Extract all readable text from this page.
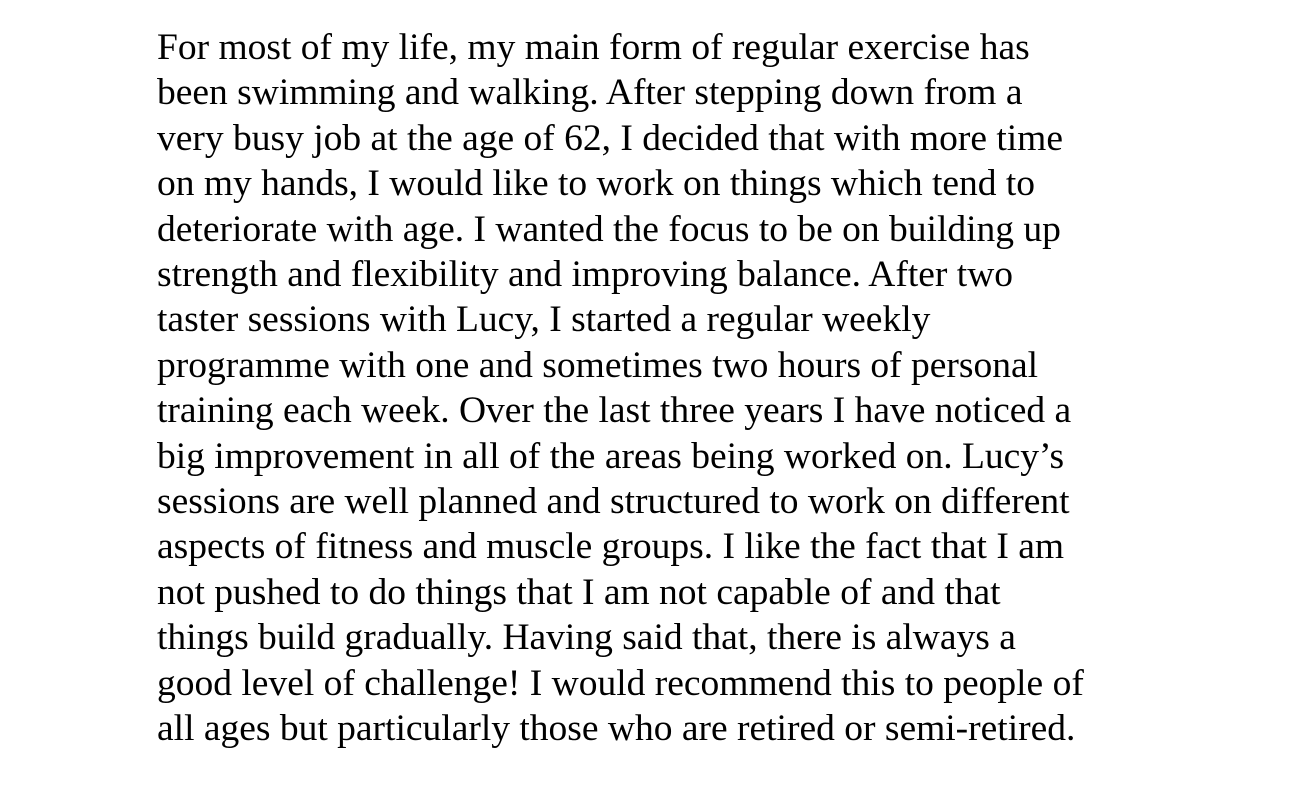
For most of my life, my main form of regular exercise has
been swimming and walking. After stepping down from a
very busy job at the age of 62, I decided that with more time
on my hands, I would like to work on things which tend to
deteriorate with age. I wanted the focus to be on building up
strength and flexibility and improving balance. After two
taster sessions with Lucy, I started a regular weekly
programme with one and sometimes two hours of personal
training each week. Over the last three years I have noticed a
big improvement in all of the areas being worked on. Lucy’s
sessions are well planned and structured to work on different
aspects of fitness and muscle groups. I like the fact that I am
not pushed to do things that I am not capable of and that
things build gradually. Having said that, there is always a
good level of challenge! I would recommend this to people of
all ages but particularly those who are retired or semi-retired.
